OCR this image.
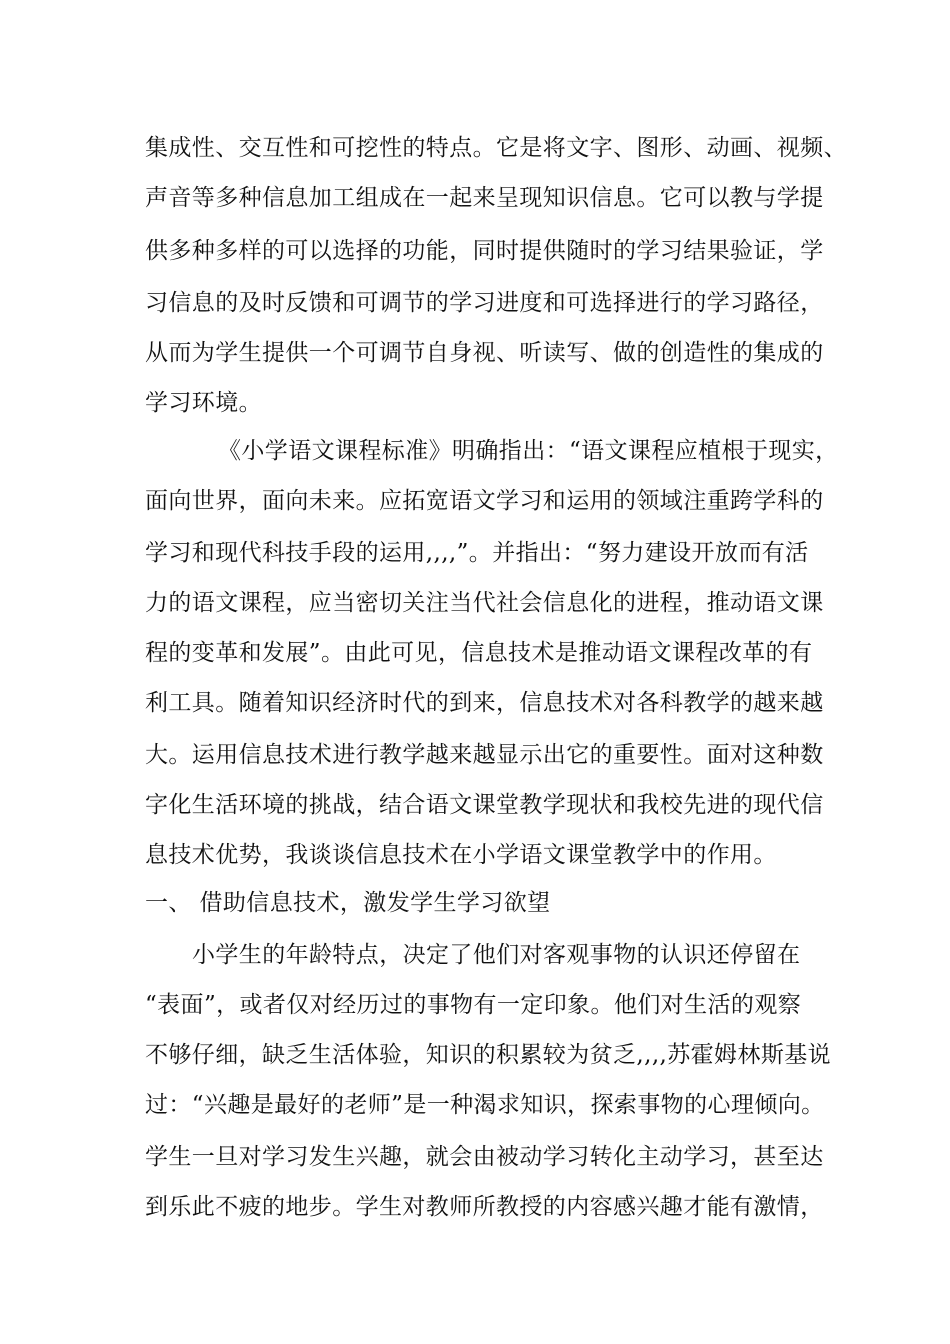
集成性、交互性和可挖性的特点。它是将文字、图形、动画、视频、
声音等多种信息加工组成在一起来呈现知识信息。它可以教与学提
供多种多样的可以选择的功能，同时提供随时的学习结果验证，学
习信息的及时反馈和可调节的学习进度和可选择进行的学习路径，
从而为学生提供一个可调节自身视、听读写、做的创造性的集成的
学习环境。
《小学语文课程标准》明确指出：“语文课程应植根于现实，
面向世界，面向未来。应拓宽语文学习和运用的领域注重跨学科的
学习和现代科技手段的运用,,,,”。并指出：“努力建设开放而有活
力的语文课程，应当密切关注当代社会信息化的进程，推动语文课
程的变革和发展”。由此可见，信息技术是推动语文课程改革的有
利工具。随着知识经济时代的到来，信息技术对各科教学的越来越
大。运用信息技术进行教学越来越显示出它的重要性。面对这种数
字化生活环境的挑战，结合语文课堂教学现状和我校先进的现代信
息技术优势，我谈谈信息技术在小学语文课堂教学中的作用。
一、 借助信息技术，激发学生学习欲望
小学生的年龄特点，决定了他们对客观事物的认识还停留在
“表面”，或者仅对经历过的事物有一定印象。他们对生活的观察
不够仔细，缺乏生活体验，知识的积累较为贫乏,,,,苏霍姆林斯基说
过：“兴趣是最好的老师”是一种渴求知识，探索事物的心理倾向。
学生一旦对学习发生兴趣，就会由被动学习转化主动学习，甚至达
到乐此不疲的地步。学生对教师所教授的内容感兴趣才能有激情，
